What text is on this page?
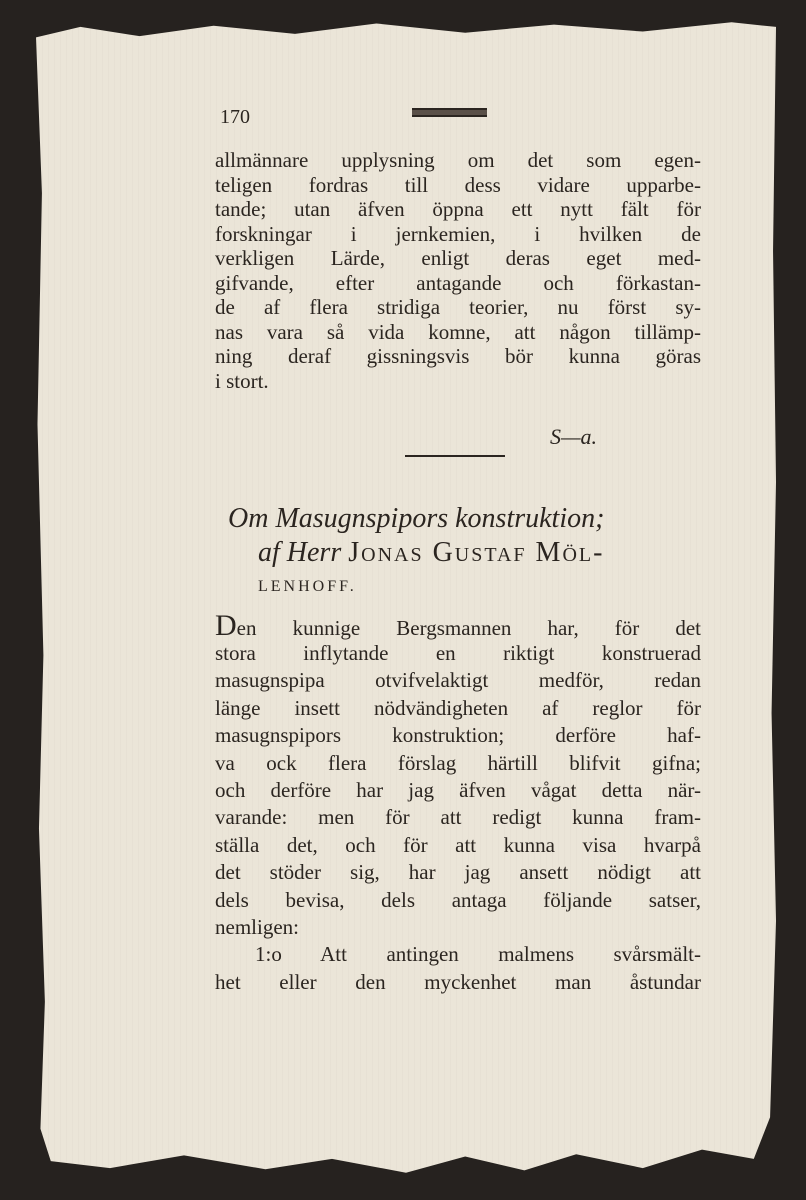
170
allmännare upplysning om det som egen-
teligen fordras till dess vidare upparbe-
tande; utan äfven öppna ett nytt fält för
forskningar i jernkemien, i hvilken de
verkligen Lärde, enligt deras eget med-
gifvande, efter antagande och förkastan-
de af flera stridiga teorier, nu först sy-
nas vara så vida komne, att någon tillämp-
ning deraf gissningsvis bör kunna göras
i stort.
S—a.
Om Masugnspipors konstruktion;
af Herr Jonas Gustaf Möl-
LENHOFF.
Den kunnige Bergsmannen har, för det
stora inflytande en riktigt konstruerad
masugnspipa otvifvelaktigt medför, redan
länge insett nödvändigheten af reglor för
masugnspipors konstruktion; derföre haf-
va ock flera förslag härtill blifvit gifna;
och derföre har jag äfven vågat detta när-
varande: men för att redigt kunna fram-
ställa det, och för att kunna visa hvarpå
det stöder sig, har jag ansett nödigt att
dels bevisa, dels antaga följande satser,
nemligen:
1:o Att antingen malmens svårsmält-
het eller den myckenhet man åstundar
